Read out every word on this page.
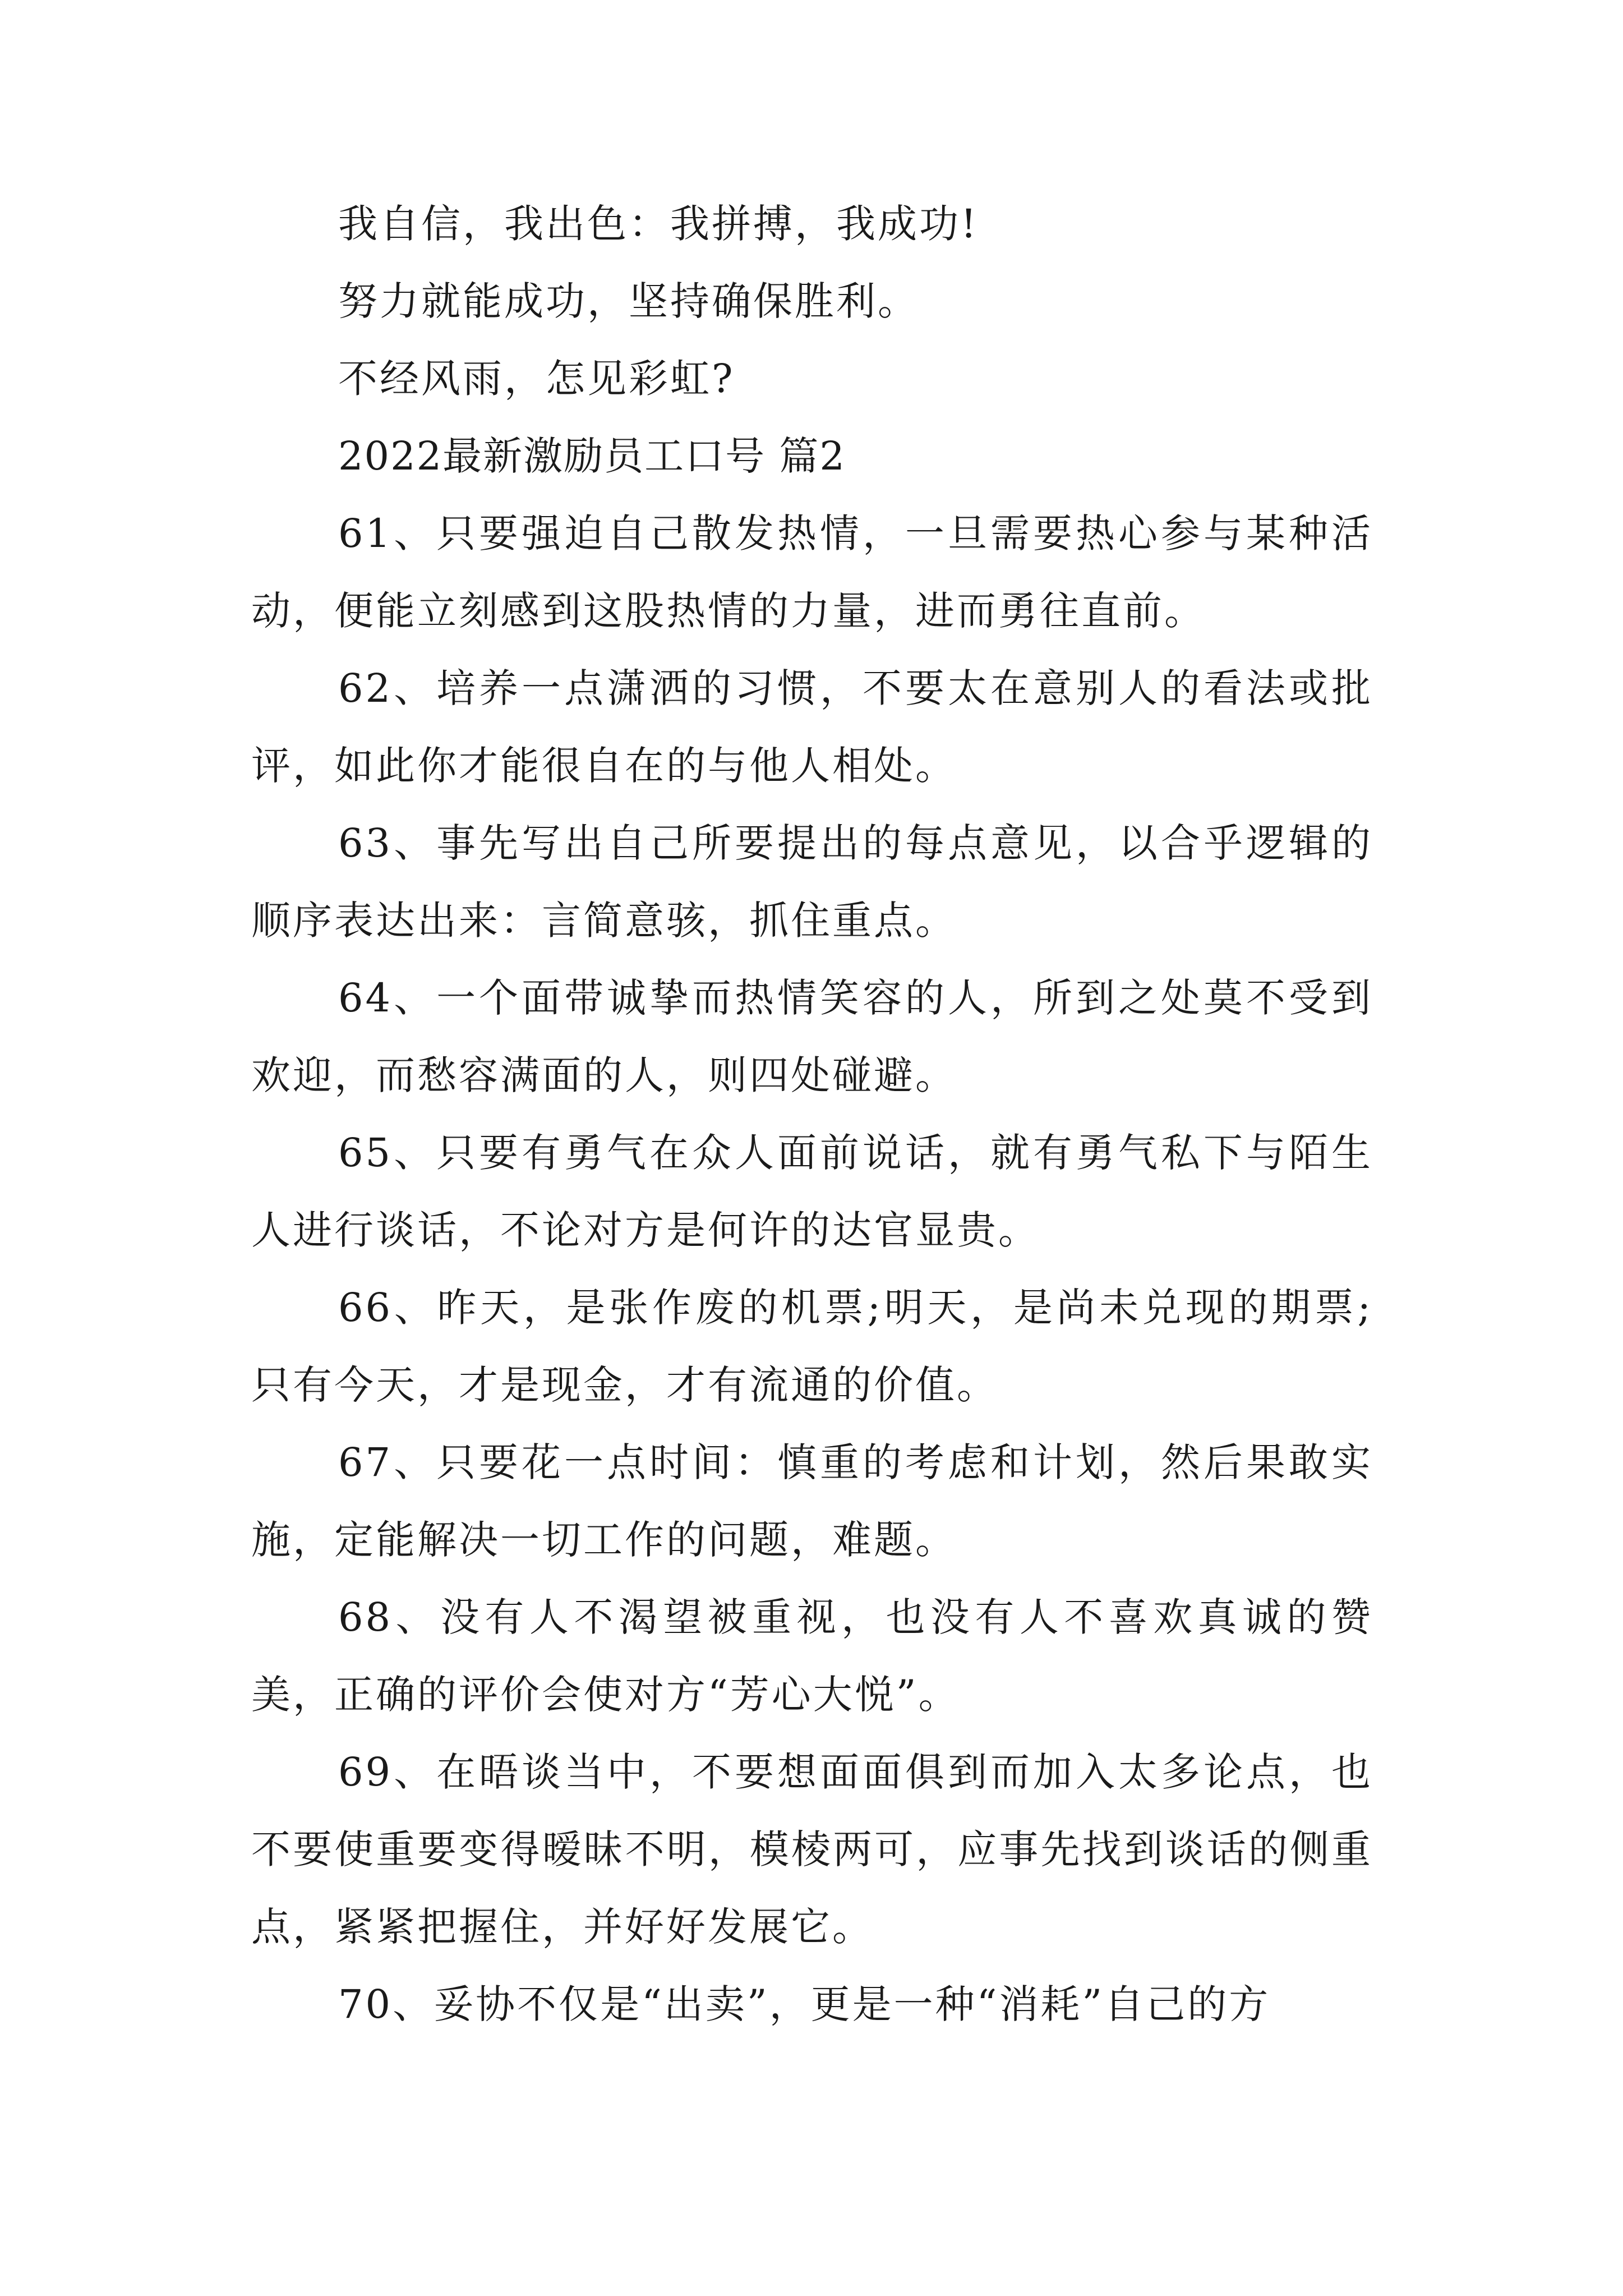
我自信，我出色：我拼搏，我成功!

努力就能成功，坚持确保胜利。

不经风雨，怎见彩虹?

2022最新激励员工口号 篇2

61、只要强迫自己散发热情，一旦需要热心参与某种活动，便能立刻感到这股热情的力量，进而勇往直前。

62、培养一点潇洒的习惯，不要太在意别人的看法或批评，如此你才能很自在的与他人相处。

63、事先写出自己所要提出的每点意见，以合乎逻辑的顺序表达出来：言简意骇，抓住重点。

64、一个面带诚挚而热情笑容的人，所到之处莫不受到欢迎，而愁容满面的人，则四处碰避。

65、只要有勇气在众人面前说话，就有勇气私下与陌生人进行谈话，不论对方是何许的达官显贵。

66、昨天，是张作废的机票;明天，是尚未兑现的期票;只有今天，才是现金，才有流通的价值。

67、只要花一点时间：慎重的考虑和计划，然后果敢实施，定能解决一切工作的问题，难题。

68、没有人不渴望被重视，也没有人不喜欢真诚的赞美，正确的评价会使对方“芳心大悦”。

69、在晤谈当中，不要想面面俱到而加入太多论点，也不要使重要变得暧昧不明，模棱两可，应事先找到谈话的侧重点，紧紧把握住，并好好发展它。

70、妥协不仅是“出卖”，更是一种“消耗”自己的方
